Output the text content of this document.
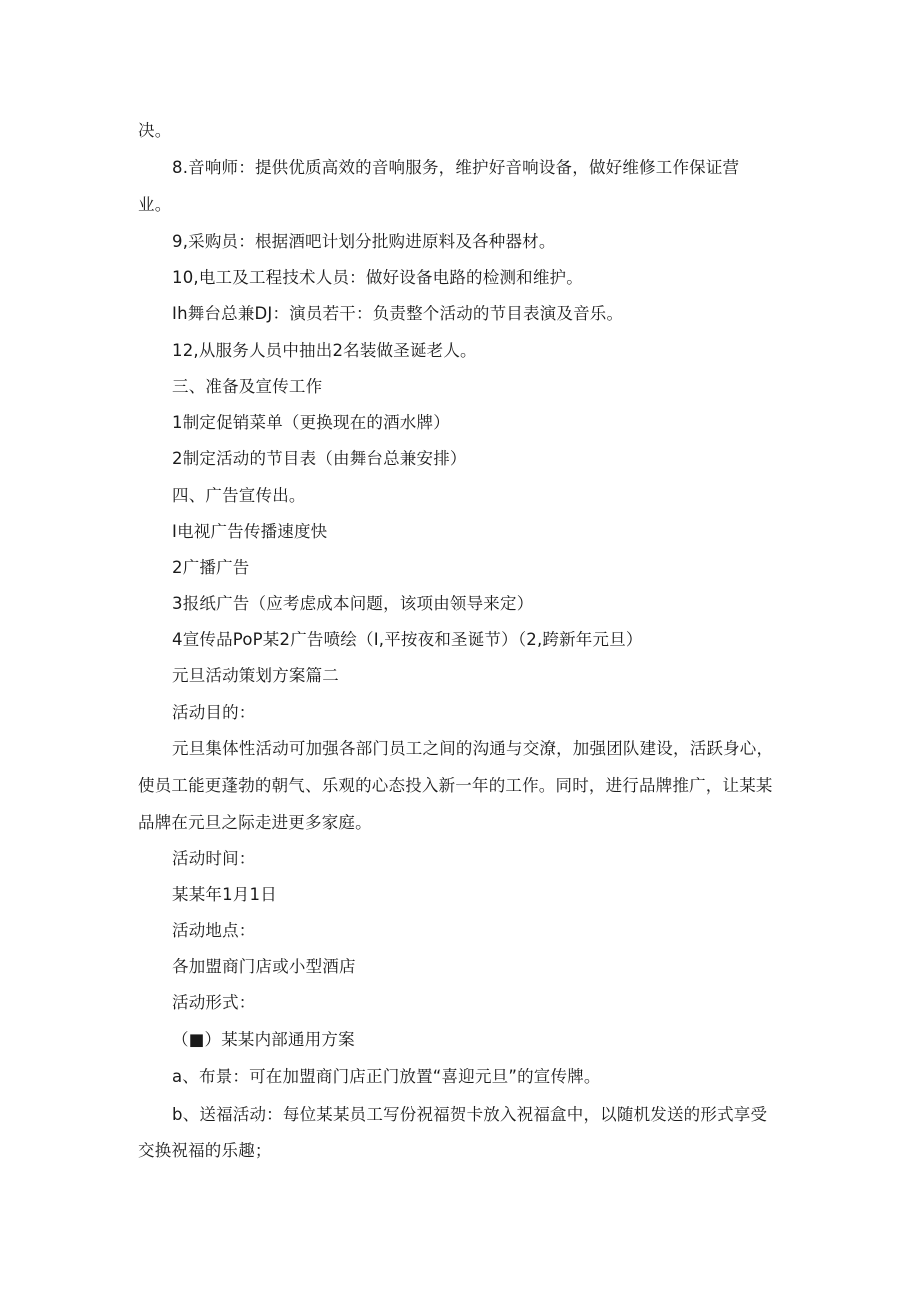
决。
8.音响师：提供优质高效的音响服务，维护好音响设备，做好维修工作保证营
业。
9,采购员：根据酒吧计划分批购进原料及各种器材。
10,电工及工程技术人员：做好设备电路的检测和维护。
Ih舞台总兼DJ：演员若干：负责整个活动的节目表演及音乐。
12,从服务人员中抽出2名装做圣诞老人。
三、准备及宣传工作
1制定促销菜单（更换现在的酒水牌）
2制定活动的节目表（由舞台总兼安排）
四、广告宣传出。
I电视广告传播速度快
2广播广告
3报纸广告（应考虑成本问题，该项由领导来定）
4宣传品PoP某2广告喷绘（I,平按夜和圣诞节）（2,跨新年元旦）
元旦活动策划方案篇二
活动目的：
元旦集体性活动可加强各部门员工之间的沟通与交潦，加强团队建设，活跃身心，
使员工能更蓬勃的朝气、乐观的心态投入新一年的工作。同时，进行品牌推广，让某某
品牌在元旦之际走进更多家庭。
活动时间：
某某年1月1日
活动地点：
各加盟商门店或小型酒店
活动形式：
（■）某某内部通用方案
a、布景：可在加盟商门店正门放置“喜迎元旦”的宣传牌。
b、送福活动：每位某某员工写份祝福贺卡放入祝福盒中，以随机发送的形式享受
交换祝福的乐趣；
